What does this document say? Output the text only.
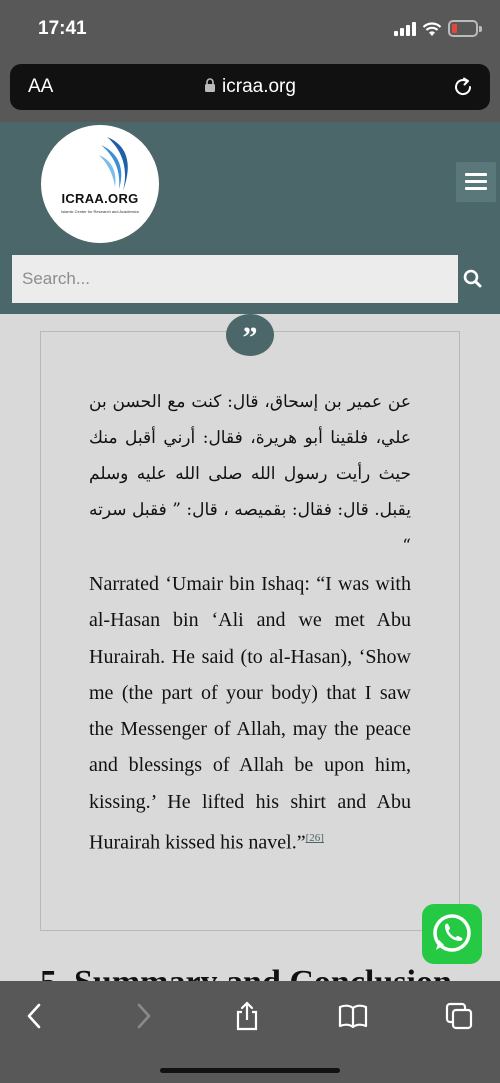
17:41
AA	icraa.org
ICRAA.ORG
Islamic Center for Research and Academics
Search...
”
عن عمير بن إسحاق، قال: كنت مع الحسن بن علي، فلقينا أبو هريرة، فقال: أرني أقبل منك حيث رأيت رسول الله صلى الله عليه وسلم يقبل. قال: فقال: بقميصه ، قال: ” فقبل سرته “
Narrated ‘Umair bin Ishaq: “I was with al-Hasan bin ‘Ali and we met Abu Hurairah. He said (to al-Hasan), ‘Show me (the part of your body) that I saw the Messenger of Allah, may the peace and blessings of Allah be upon him, kissing.’ He lifted his shirt and Abu Hurairah kissed his navel.”[26]
